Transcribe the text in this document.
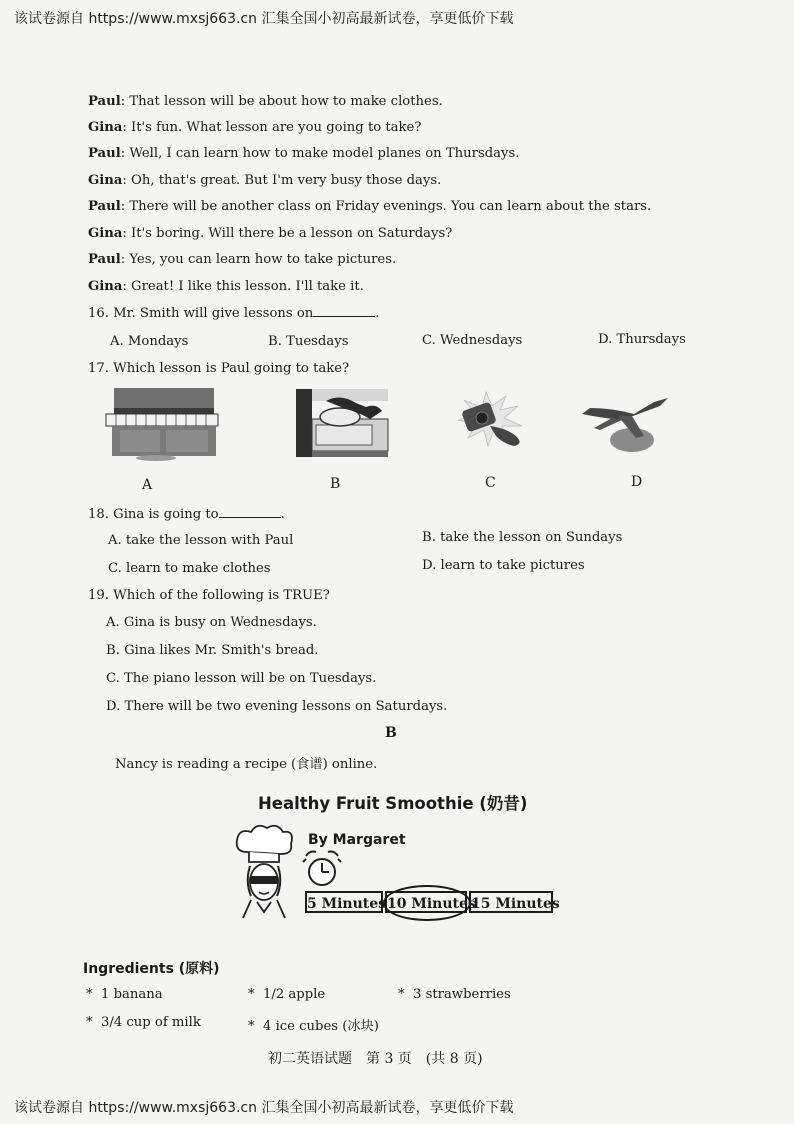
该试卷源自 https://www.mxsj663.cn 汇集全国小初高最新试卷，享更低价下载
Paul: That lesson will be about how to make clothes.
Gina: It's fun. What lesson are you going to take?
Paul: Well, I can learn how to make model planes on Thursdays.
Gina: Oh, that's great. But I'm very busy those days.
Paul: There will be another class on Friday evenings. You can learn about the stars.
Gina: It's boring. Will there be a lesson on Saturdays?
Paul: Yes, you can learn how to take pictures.
Gina: Great! I like this lesson. I'll take it.
16. Mr. Smith will give lessons on	.
A. Mondays	B. Tuesdays	C. Wednesdays	D. Thursdays
17. Which lesson is Paul going to take?
A	B	C	D
18. Gina is going to	.
A. take the lesson with Paul	B. take the lesson on Sundays
C. learn to make clothes	D. learn to take pictures
19. Which of the following is TRUE?
A. Gina is busy on Wednesdays.
B. Gina likes Mr. Smith's bread.
C. The piano lesson will be on Tuesdays.
D. There will be two evening lessons on Saturdays.
B
Nancy is reading a recipe (食谱) online.
Healthy Fruit Smoothie (奶昔)
By Margaret
5 Minutes 10 Minutes
15 Minutes
Ingredients (原料)
* 1 banana	* 1/2 apple	* 3 strawberries
* 3/4 cup of milk	* 4 ice cubes (冰块)
初二英语试题　第 3 页　(共 8 页)
该试卷源自 https://www.mxsj663.cn 汇集全国小初高最新试卷，享更低价下载
